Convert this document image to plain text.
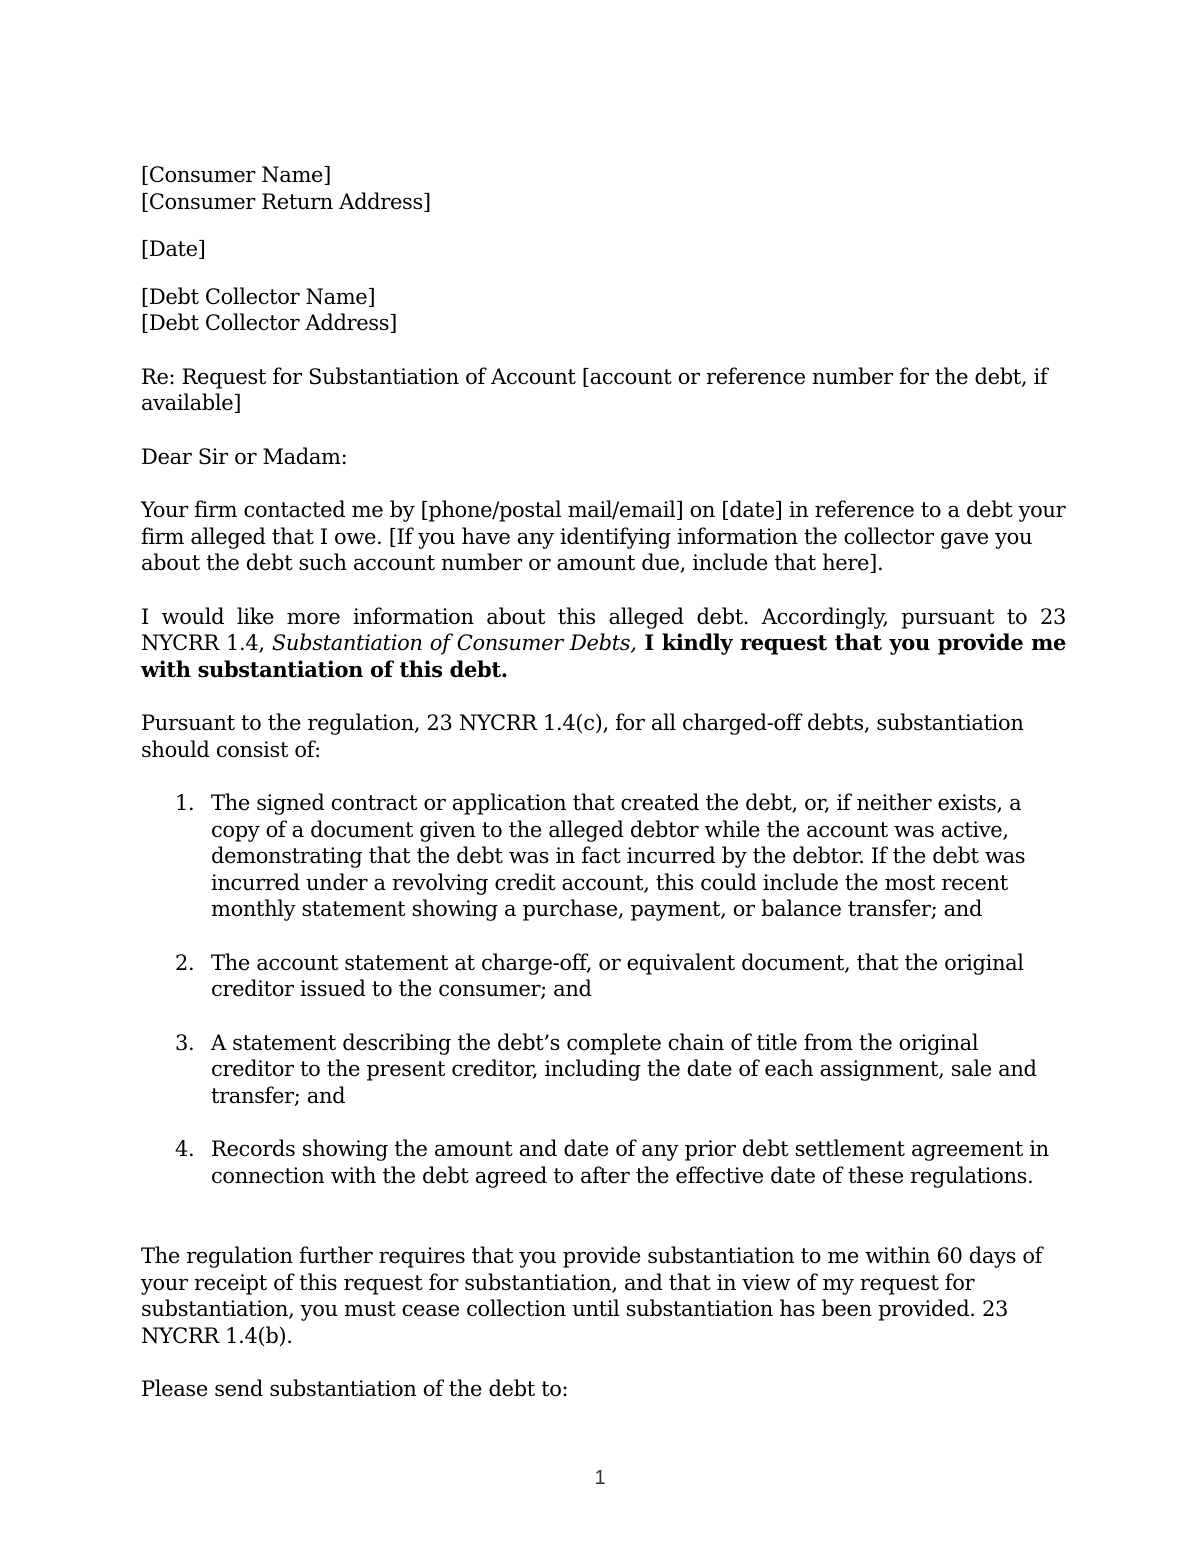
[Consumer Name]
[Consumer Return Address]

[Date]

[Debt Collector Name]
[Debt Collector Address]

Re: Request for Substantiation of Account [account or reference number for the debt, if available]

Dear Sir or Madam:

Your firm contacted me by [phone/postal mail/email] on [date] in reference to a debt your firm alleged that I owe. [If you have any identifying information the collector gave you about the debt such account number or amount due, include that here].

I would like more information about this alleged debt. Accordingly, pursuant to 23 NYCRR 1.4, Substantiation of Consumer Debts, I kindly request that you provide me with substantiation of this debt.

Pursuant to the regulation, 23 NYCRR 1.4(c), for all charged-off debts, substantiation should consist of:

1. The signed contract or application that created the debt, or, if neither exists, a copy of a document given to the alleged debtor while the account was active, demonstrating that the debt was in fact incurred by the debtor. If the debt was incurred under a revolving credit account, this could include the most recent monthly statement showing a purchase, payment, or balance transfer; and
2. The account statement at charge-off, or equivalent document, that the original creditor issued to the consumer; and
3. A statement describing the debt’s complete chain of title from the original creditor to the present creditor, including the date of each assignment, sale and transfer; and
4. Records showing the amount and date of any prior debt settlement agreement in connection with the debt agreed to after the effective date of these regulations.

The regulation further requires that you provide substantiation to me within 60 days of your receipt of this request for substantiation, and that in view of my request for substantiation, you must cease collection until substantiation has been provided. 23 NYCRR 1.4(b).

Please send substantiation of the debt to:

1
